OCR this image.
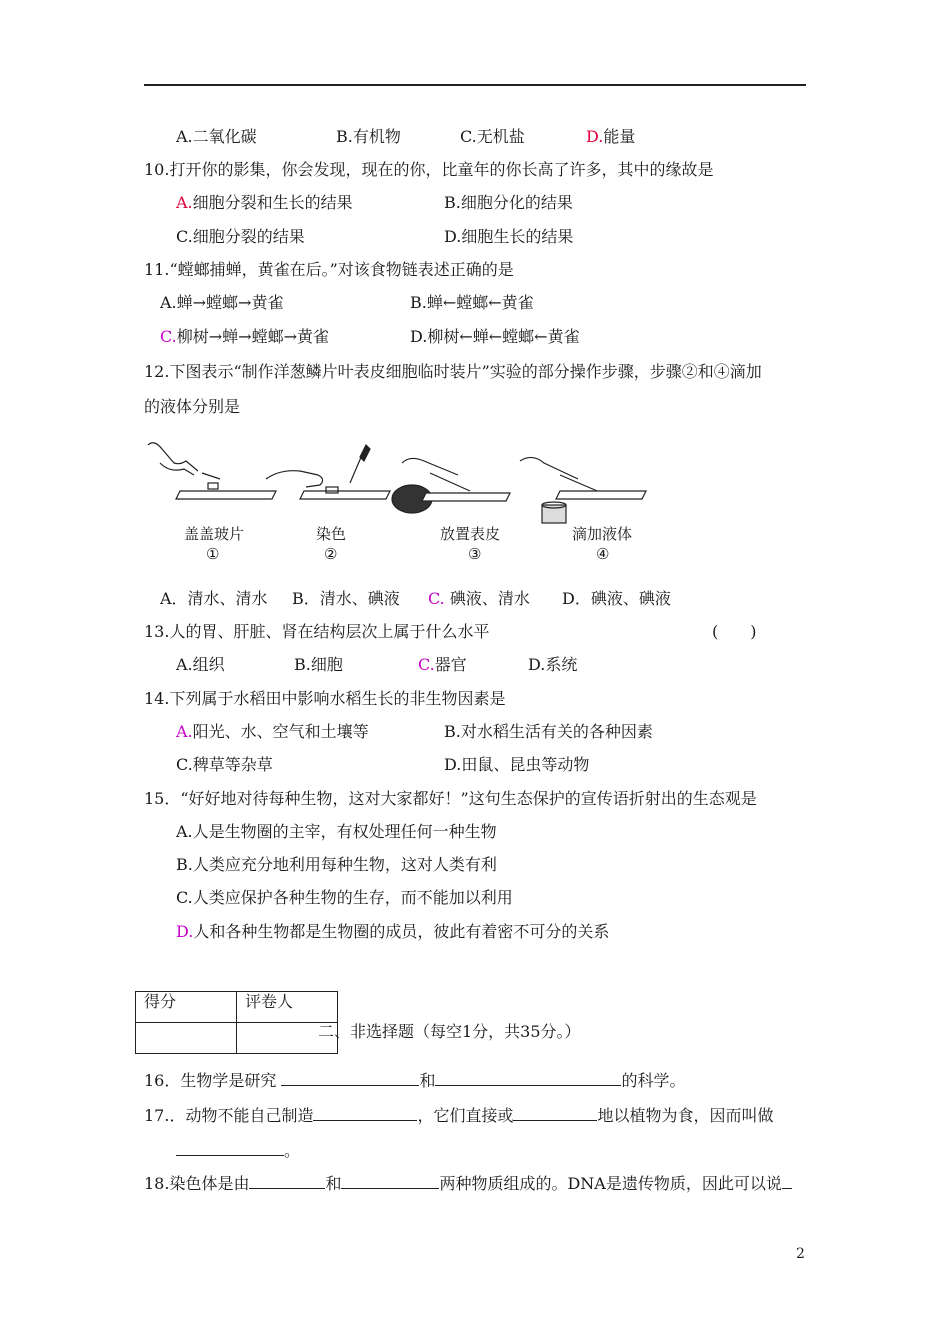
A.二氧化碳	B.有机物	C.无机盐	D.能量
10.打开你的影集，你会发现，现在的你，比童年的你长高了许多，其中的缘故是
A.细胞分裂和生长的结果	B.细胞分化的结果
C.细胞分裂的结果	D.细胞生长的结果
11.“螳螂捕蝉，黄雀在后。”对该食物链表述正确的是
A.蝉→螳螂→黄雀	B.蝉←螳螂←黄雀
C.柳树→蝉→螳螂→黄雀	D.柳树←蝉←螳螂←黄雀
12.下图表示“制作洋葱鳞片叶表皮细胞临时装片”实验的部分操作步骤，步骤②和④滴加
的液体分别是
盖盖玻片
①
染色
②
放置表皮
③
滴加液体
④
A．清水、清水 B．清水、碘液 C. 碘液、清水 D．碘液、碘液
13.人的胃、肝脏、肾在结构层次上属于什么水平	(　　)
A.组织	B.细胞	C.器官	D.系统
14.下列属于水稻田中影响水稻生长的非生物因素是
A.阳光、水、空气和土壤等	B.对水稻生活有关的各种因素
C.稗草等杂草	D.田鼠、昆虫等动物
15．“好好地对待每种生物，这对大家都好！”这句生态保护的宣传语折射出的生态观是
A.人是生物圈的主宰，有权处理任何一种生物
B.人类应充分地利用每种生物，这对人类有利
C.人类应保护各种生物的生存，而不能加以利用
D.人和各种生物都是生物圈的成员，彼此有着密不可分的关系
得分	评卷人

二、非选择题（每空1分，共35分。）
16．生物学是研究	和	的科学。
17.．动物不能自己制造	，它们直接或	地以植物为食，因而叫做
。
18.染色体是由	和	两种物质组成的。DNA是遗传物质，因此可以说
2
